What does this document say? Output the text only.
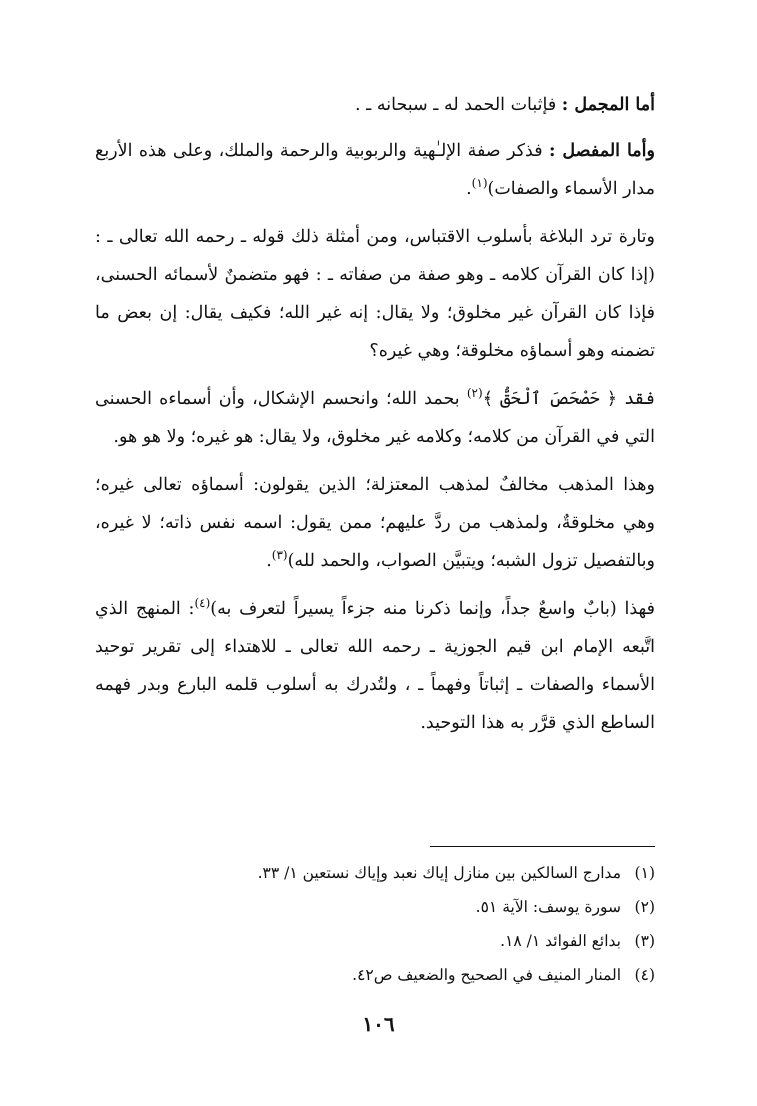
أما المجمل : فإثبات الحمد له ـ سبحانه ـ .

وأما المفصل : فذكر صفة الإلـٰهية والربوبية والرحمة والملك، وعلى هذه الأربع مدار الأسماء والصفات)$^{(١)}$.

وتارة ترد البلاغة بأسلوب الاقتباس، ومن أمثلة ذلك قوله ـ رحمه الله تعالى ـ : (إذا كان القرآن كلامه ـ وهو صفة من صفاته ـ : فهو متضمنٌ لأسمائه الحسنى، فإذا كان القرآن غير مخلوق؛ ولا يقال: إنه غير الله؛ فكيف يقال: إن بعض ما تضمنه وهو أسماؤه مخلوقة؛ وهي غيره؟

فقد ﴿ حَصْحَصَ ٱلْحَقُّ ﴾$^{(٢)}$ بحمد الله؛ وانحسم الإشكال، وأن أسماءه الحسنى التي في القرآن من كلامه؛ وكلامه غير مخلوق، ولا يقال: هو غيره؛ ولا هو هو.

وهذا المذهب مخالفٌ لمذهب المعتزلة؛ الذين يقولون: أسماؤه تعالى غيره؛ وهي مخلوقةٌ، ولمذهب من ردَّ عليهم؛ ممن يقول: اسمه نفس ذاته؛ لا غيره، وبالتفصيل تزول الشبه؛ ويتبيَّن الصواب، والحمد لله)$^{(٣)}$.

فهذا (بابٌ واسعٌ جداً، وإنما ذكرنا منه جزءاً يسيراً لتعرف به)$^{(٤)}$: المنهج الذي اتَّبعه الإمام ابن قيم الجوزية ـ رحمه الله تعالى ـ للاهتداء إلى تقرير توحيد الأسماء والصفات ـ إثباتاً وفهماً ـ ، ولتُدرك به أسلوب قلمه البارع وبدر فهمه الساطع الذي قرَّر به هذا التوحيد.

(١)مدارج السالكين بين منازل إياك نعبد وإياك نستعين ١/ ٣٣.
(٢)سورة يوسف: الآية ٥١.
(٣)بدائع الفوائد ١/ ١٨.
(٤)المنار المنيف في الصحيح والضعيف ص٤٢.
١٠٦
